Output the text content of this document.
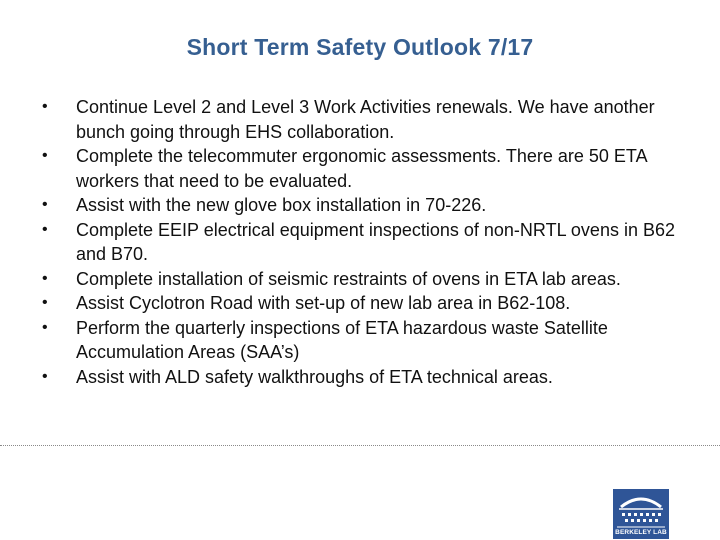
Short Term Safety Outlook 7/17
•	Continue Level 2 and Level 3 Work Activities renewals. We have another bunch going through EHS collaboration.
•	Complete the telecommuter ergonomic assessments. There are 50 ETA workers that need to be evaluated.
•	Assist with the new glove box installation in 70-226.
•	Complete EEIP electrical equipment inspections of non-NRTL ovens in B62 and B70.
•	Complete installation of seismic restraints of ovens in ETA lab areas.
•	Assist Cyclotron Road with set-up of new lab area in B62-108.
•	Perform the quarterly inspections of ETA hazardous waste Satellite Accumulation Areas (SAA’s)
•	Assist with ALD safety walkthroughs of ETA technical areas.
BERKELEY LAB
